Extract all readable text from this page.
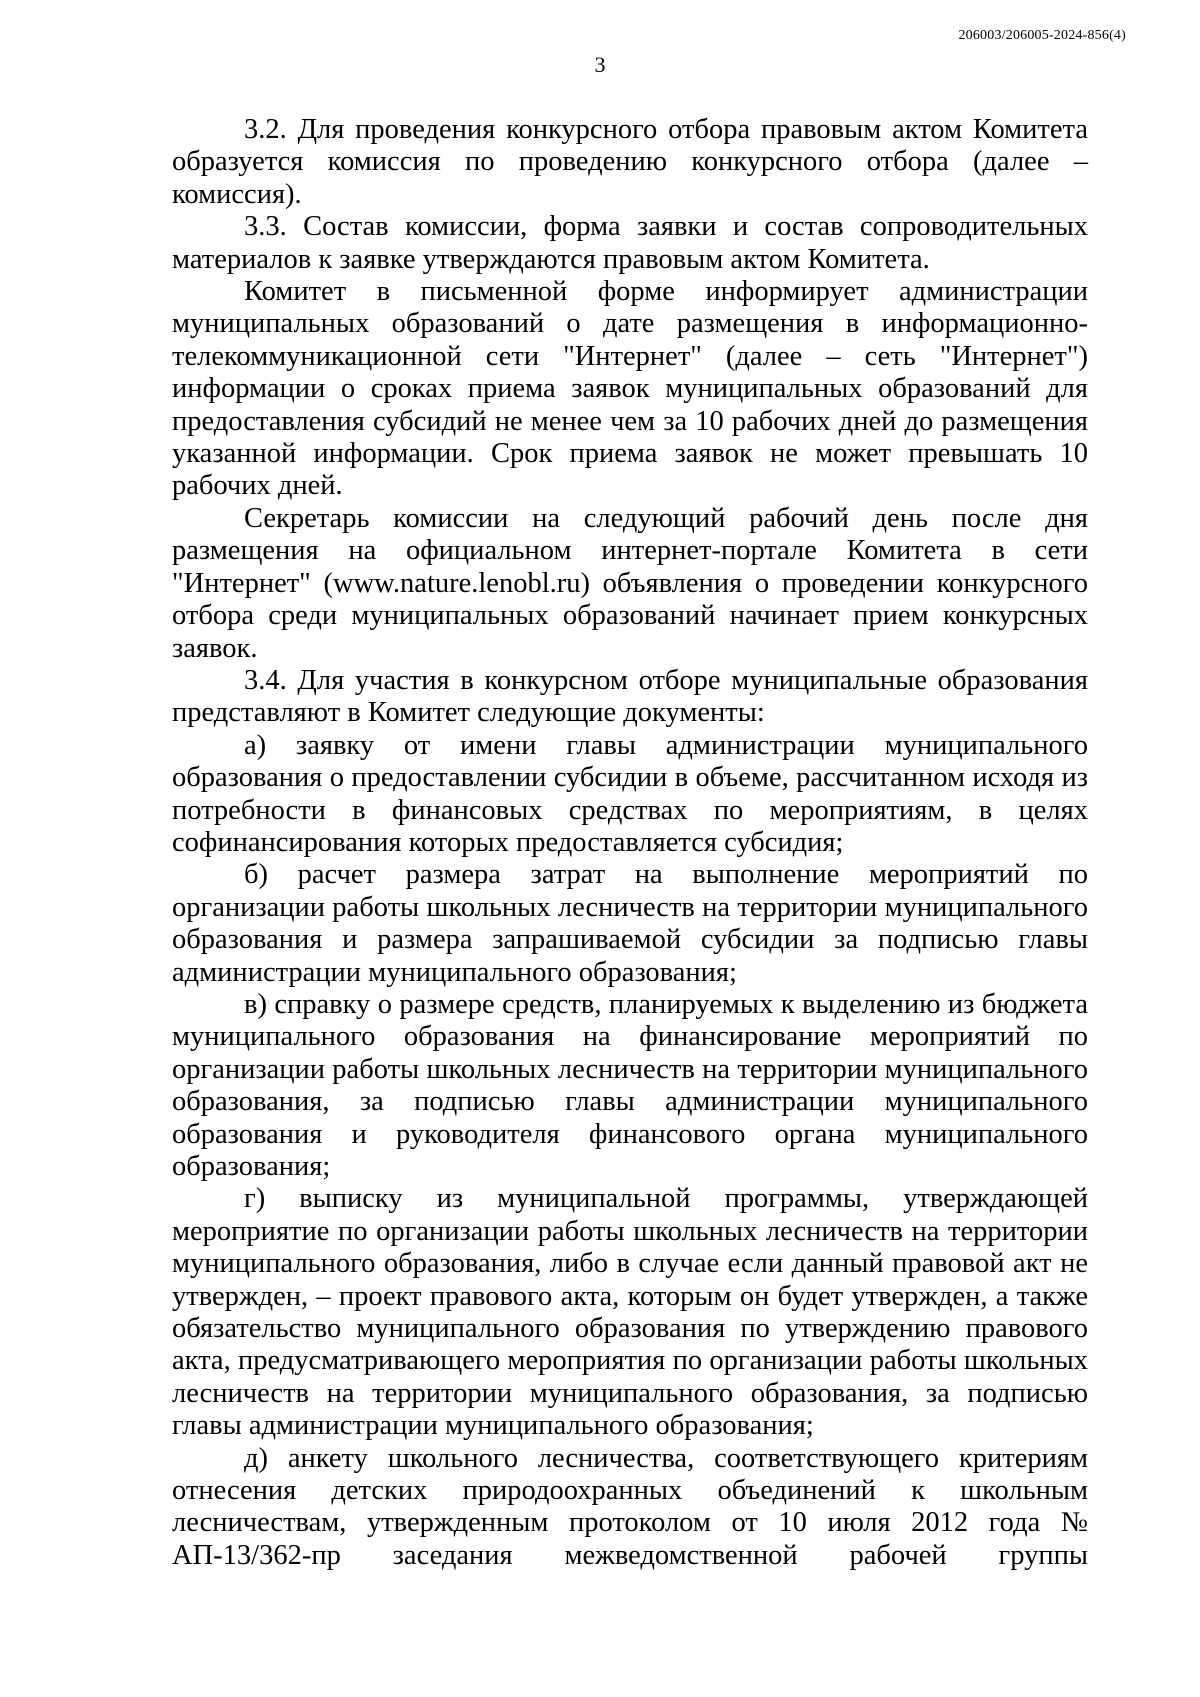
206003/206005-2024-856(4)
3

3.2. Для проведения конкурсного отбора правовым актом Комитета образуется комиссия по проведению конкурсного отбора (далее – комиссия).

3.3. Состав комиссии, форма заявки и состав сопроводительных материалов к заявке утверждаются правовым актом Комитета.

Комитет в письменной форме информирует администрации муниципальных образований о дате размещения в информационно-телекоммуникационной сети "Интернет" (далее – сеть "Интернет") информации о сроках приема заявок муниципальных образований для предоставления субсидий не менее чем за 10 рабочих дней до размещения указанной информации. Срок приема заявок не может превышать 10 рабочих дней.

Секретарь комиссии на следующий рабочий день после дня размещения на официальном интернет-портале Комитета в сети "Интернет" (www.nature.lenobl.ru) объявления о проведении конкурсного отбора среди муниципальных образований начинает прием конкурсных заявок.

3.4. Для участия в конкурсном отборе муниципальные образования представляют в Комитет следующие документы:

а) заявку от имени главы администрации муниципального образования о предоставлении субсидии в объеме, рассчитанном исходя из потребности в финансовых средствах по мероприятиям, в целях софинансирования которых предоставляется субсидия;

б) расчет размера затрат на выполнение мероприятий по организации работы школьных лесничеств на территории муниципального образования и размера запрашиваемой субсидии за подписью главы администрации муниципального образования;

в) справку о размере средств, планируемых к выделению из бюджета муниципального образования на финансирование мероприятий по организации работы школьных лесничеств на территории муниципального образования, за подписью главы администрации муниципального образования и руководителя финансового органа муниципального образования;

г) выписку из муниципальной программы, утверждающей мероприятие по организации работы школьных лесничеств на территории муниципального образования, либо в случае если данный правовой акт не утвержден, – проект правового акта, которым он будет утвержден, а также обязательство муниципального образования по утверждению правового акта, предусматривающего мероприятия по организации работы школьных лесничеств на территории муниципального образования, за подписью главы администрации муниципального образования;

д) анкету школьного лесничества, соответствующего критериям отнесения детских природоохранных объединений к школьным лесничествам, утвержденным протоколом от 10 июля 2012 года № АП-13/362-пр заседания межведомственной рабочей группы
